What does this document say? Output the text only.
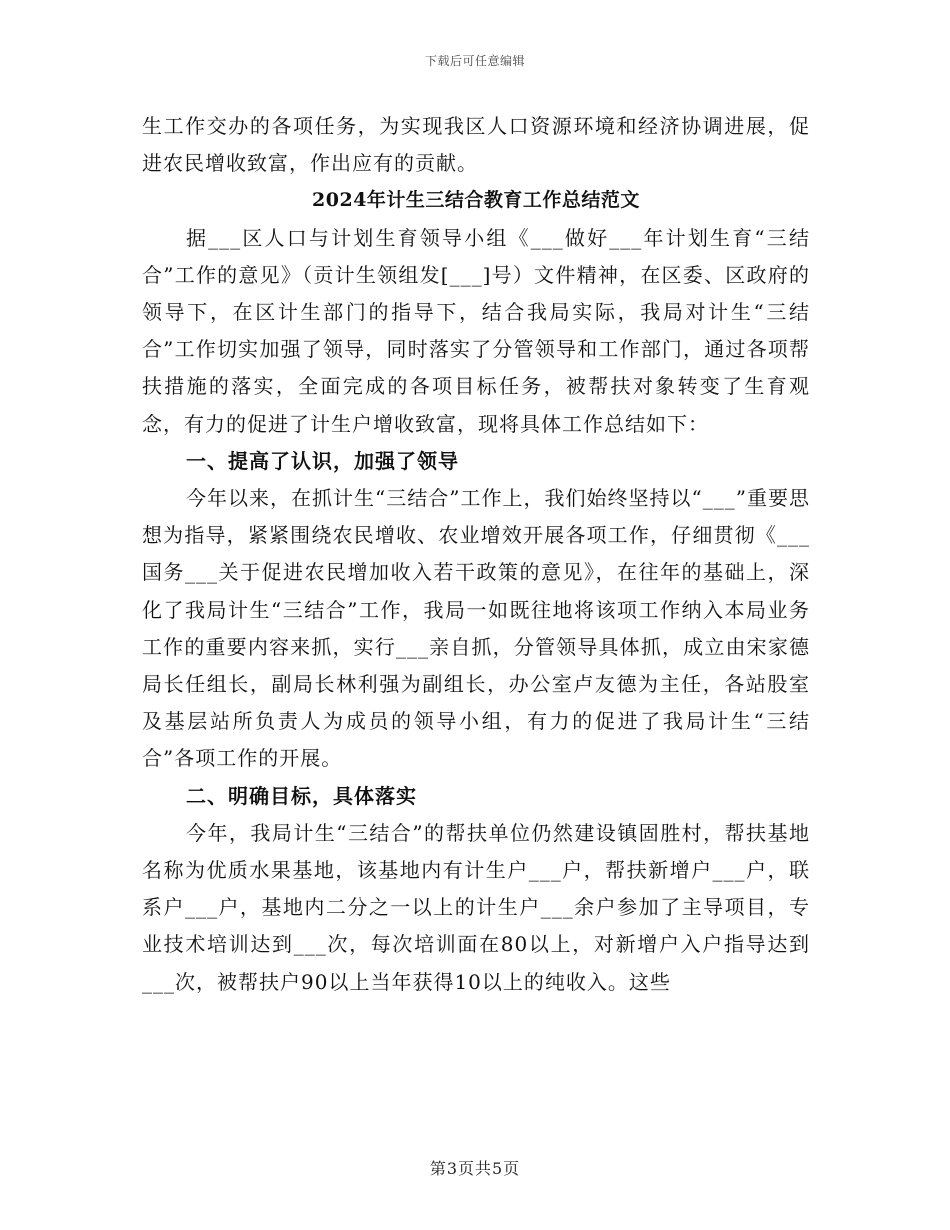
下载后可任意编辑

生工作交办的各项任务，为实现我区人口资源环境和经济协调进展，促进农民增收致富，作出应有的贡献。

2024年计生三结合教育工作总结范文

据___区人口与计划生育领导小组《___做好___年计划生育“三结合”工作的意见》（贡计生领组发[___]号）文件精神，在区委、区政府的领导下，在区计生部门的指导下，结合我局实际，我局对计生“三结合”工作切实加强了领导，同时落实了分管领导和工作部门，通过各项帮扶措施的落实，全面完成的各项目标任务，被帮扶对象转变了生育观念，有力的促进了计生户增收致富，现将具体工作总结如下：

一、提高了认识，加强了领导

今年以来，在抓计生“三结合”工作上，我们始终坚持以“___”重要思想为指导，紧紧围绕农民增收、农业增效开展各项工作，仔细贯彻《___国务___关于促进农民增加收入若干政策的意见》，在往年的基础上，深化了我局计生“三结合”工作，我局一如既往地将该项工作纳入本局业务工作的重要内容来抓，实行___亲自抓，分管领导具体抓，成立由宋家德局长任组长，副局长林利强为副组长，办公室卢友德为主任，各站股室及基层站所负责人为成员的领导小组，有力的促进了我局计生“三结合”各项工作的开展。

二、明确目标，具体落实

今年，我局计生“三结合”的帮扶单位仍然建设镇固胜村，帮扶基地名称为优质水果基地，该基地内有计生户___户，帮扶新增户___户，联系户___户，基地内二分之一以上的计生户___余户参加了主导项目，专业技术培训达到___次，每次培训面在80以上，对新增户入户指导达到___次，被帮扶户90以上当年获得10以上的纯收入。这些

第3页共5页
